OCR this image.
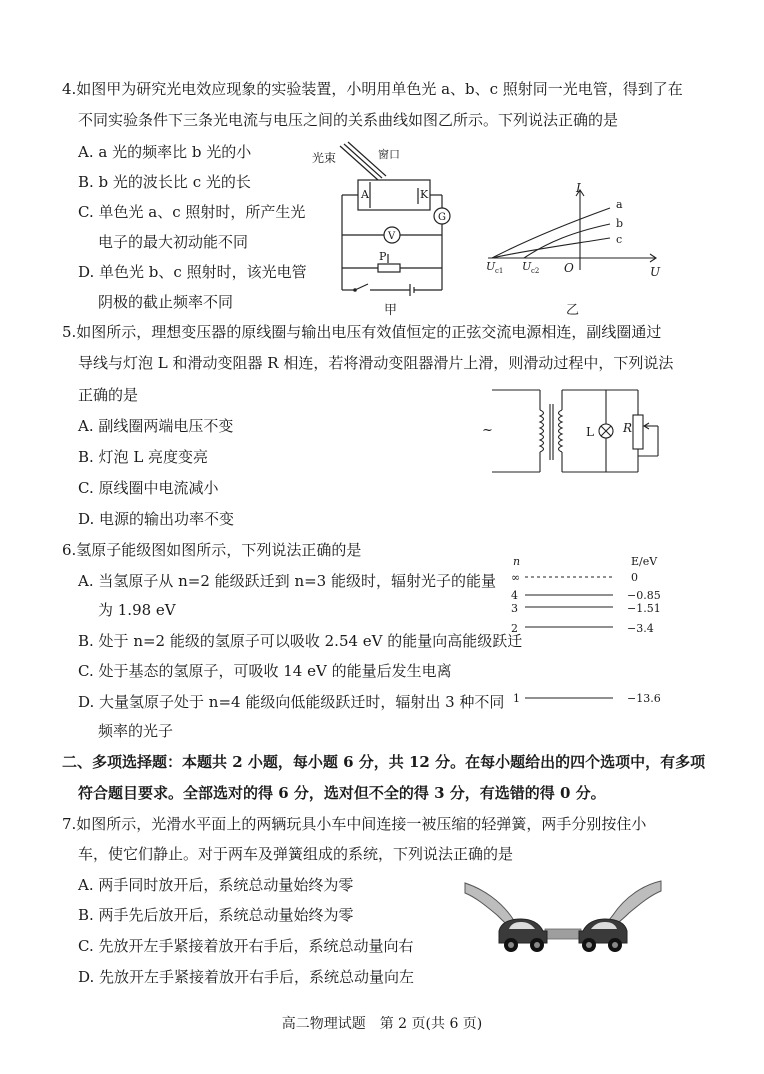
4.如图甲为研究光电效应现象的实验装置，小明用单色光 a、b、c 照射同一光电管，得到了在
不同实验条件下三条光电流与电压之间的关系曲线如图乙所示。下列说法正确的是
A. a 光的频率比 b 光的小
B. b 光的波长比 c 光的长
C. 单色光 a、c 照射时，所产生光
电子的最大初动能不同
D. 单色光 b、c 照射时，该光电管
阴极的截止频率不同
光束	窗口
A	K
G
V
P
甲
I
U
O
a
b
c
U c1 U c2
乙
5.如图所示，理想变压器的原线圈与输出电压有效值恒定的正弦交流电源相连，副线圈通过
导线与灯泡 L 和滑动变阻器 R 相连，若将滑动变阻器滑片上滑，则滑动过程中，下列说法
正确的是
A. 副线圈两端电压不变
B. 灯泡 L 亮度变亮
C. 原线圈中电流减小
D. 电源的输出功率不变
~	L R
6.氢原子能级图如图所示，下列说法正确的是
A. 当氢原子从 n=2 能级跃迁到 n=3 能级时，辐射光子的能量
为 1.98 eV
B. 处于 n=2 能级的氢原子可以吸收 2.54 eV 的能量向高能级跃迁
C. 处于基态的氢原子，可吸收 14 eV 的能量后发生电离
D. 大量氢原子处于 n=4 能级向低能级跃迁时，辐射出 3 种不同
频率的光子
n	E/eV
∞	0
4	−0.85
3	−1.51
2	−3.4
1	−13.6
二、多项选择题：本题共 2 小题，每小题 6 分，共 12 分。在每小题给出的四个选项中，有多项
符合题目要求。全部选对的得 6 分，选对但不全的得 3 分，有选错的得 0 分。
7.如图所示，光滑水平面上的两辆玩具小车中间连接一被压缩的轻弹簧，两手分别按住小
车，使它们静止。对于两车及弹簧组成的系统，下列说法正确的是
A. 两手同时放开后，系统总动量始终为零
B. 两手先后放开后，系统总动量始终为零
C. 先放开左手紧接着放开右手后，系统总动量向右
D. 先放开左手紧接着放开右手后，系统总动量向左
高二物理试题　第 2 页(共 6 页)
